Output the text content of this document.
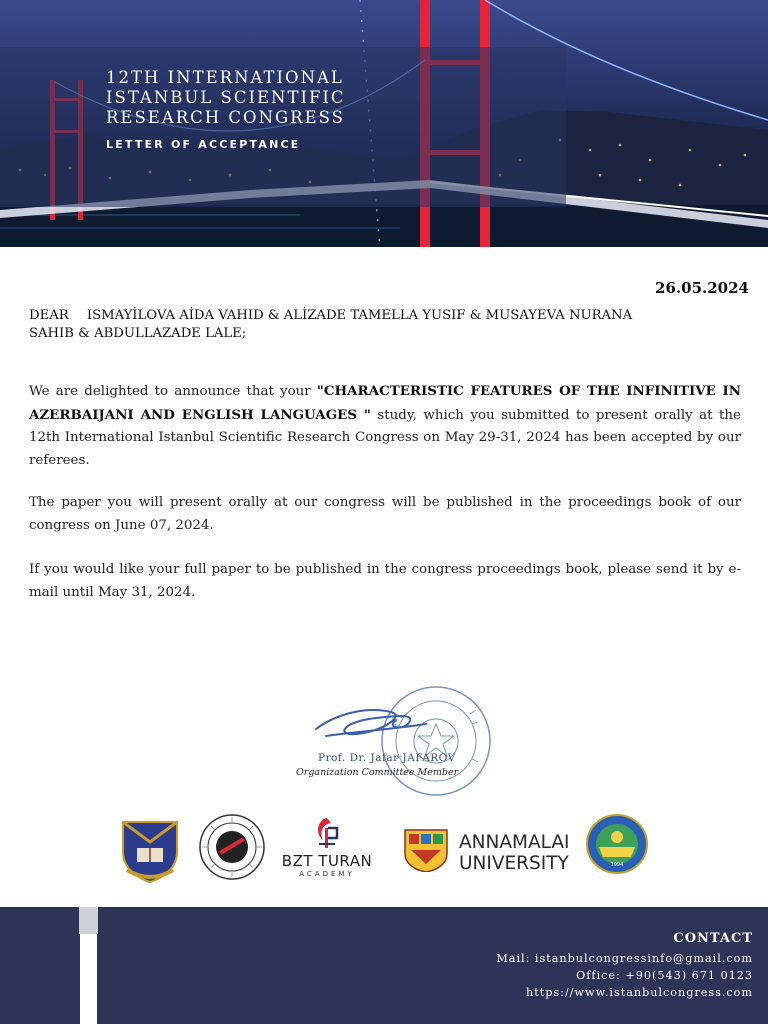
12TH INTERNATIONAL ISTANBUL SCIENTIFIC RESEARCH CONGRESS
LETTER OF ACCEPTANCE
26.05.2024
DEAR ISMAYİLOVA AİDA VAHID & ALİZADE TAMELLA YUSIF & MUSAYEVA NURANA SAHIB & ABDULLAZADE LALE;

We are delighted to announce that your "CHARACTERISTIC FEATURES OF THE INFINITIVE IN AZERBAIJANI AND ENGLISH LANGUAGES " study, which you submitted to present orally at the 12th International Istanbul Scientific Research Congress on May 29-31, 2024 has been accepted by our referees.

The paper you will present orally at our congress will be published in the proceedings book of our congress on June 07, 2024.

If you would like your full paper to be published in the congress proceedings book, please send it by e-mail until May 31, 2024.

Prof. Dr. Jafar JAFAROV
Organization Committee Member
BZT TURAN
ACADEMY
ANNAMALAI UNIVERSITY	1994
CONTACT
Mail: istanbulcongressinfo@gmail.com
Office: +90(543) 671 0123
https://www.istanbulcongress.com
